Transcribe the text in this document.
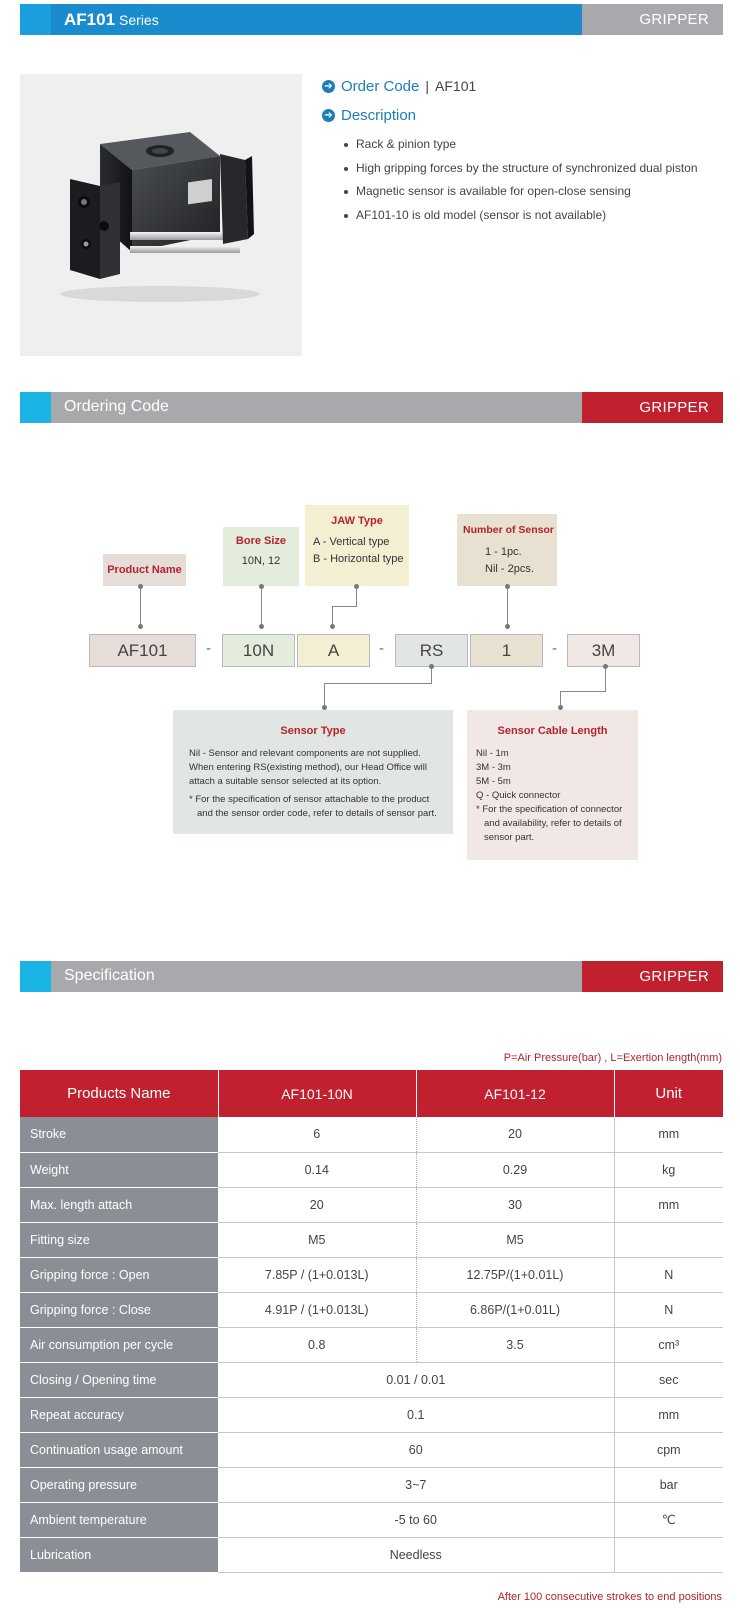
AF101 Series	GRIPPER
➔ Order Code | AF101
➔ Description
Rack & pinion type
High gripping forces by the structure of synchronized dual piston
Magnetic sensor is available for open-close sensing
AF101-10 is old model (sensor is not available)
Ordering Code	GRIPPER
Product Name
Bore Size
10N, 12
JAW Type
A - Vertical type
B - Horizontal type
Number of Sensor
1 - 1pc.
Nil - 2pcs.
AF101	-	10N	A	-	RS	1	-	3M
Sensor Type
Nil - Sensor and relevant components are not supplied.
When entering RS(existing method), our Head Office will
attach a suitable sensor selected at its option.
* For the specification of sensor attachable to the product
and the sensor order code, refer to details of sensor part.
Sensor Cable Length
Nil - 1m
3M - 3m
5M - 5m
Q - Quick connector
* For the specification of connector
and availability, refer to details of
sensor part.
Specification	GRIPPER
P=Air Pressure(bar) , L=Exertion length(mm)
Products Name	AF101-10N	AF101-12	Unit
Stroke	6	20	mm
Weight	0.14	0.29	kg
Max. length attach	20	30	mm
Fitting size	M5	M5	
Gripping force : Open	7.85P / (1+0.013L)	12.75P/(1+0.01L)	N
Gripping force : Close	4.91P / (1+0.013L)	6.86P/(1+0.01L)	N
Air consumption per cycle	0.8	3.5	cm³
Closing / Opening time	0.01 / 0.01		sec
Repeat accuracy	0.1		mm
Continuation usage amount	60		cpm
Operating pressure	3~7		bar
Ambient temperature	-5 to 60		℃
Lubrication	Needless		
After 100 consecutive strokes to end positions
